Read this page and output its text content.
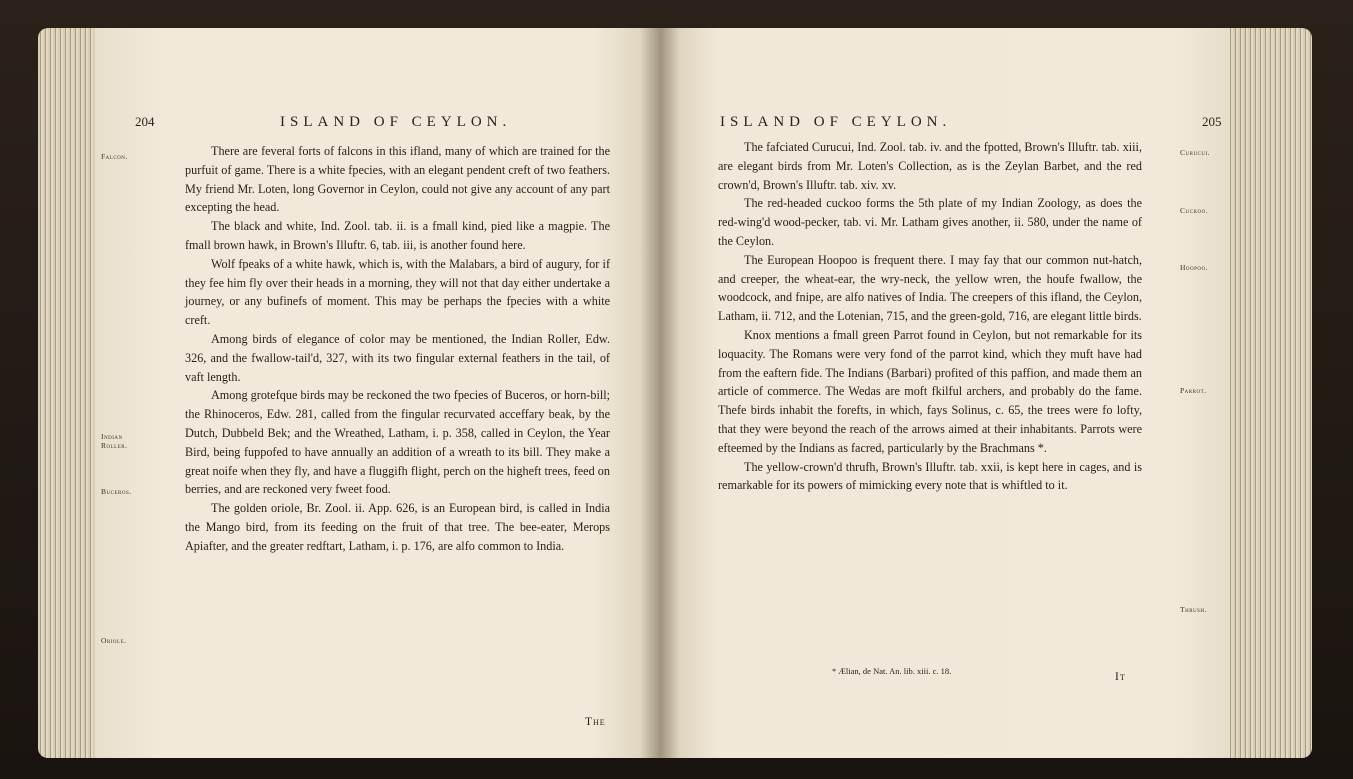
204	ISLAND OF CEYLON.
Falcon.
Indian Roller.
Buceros.
Oriole.

There are feveral forts of falcons in this ifland, many of which are trained for the purfuit of game. There is a white fpecies, with an elegant pendent creft of two feathers. My friend Mr. Loten, long Governor in Ceylon, could not give any account of any part excepting the head.

The black and white, Ind. Zool. tab. ii. is a fmall kind, pied like a magpie. The fmall brown hawk, in Brown's Illuftr. 6, tab. iii, is another found here.

Wolf fpeaks of a white hawk, which is, with the Malabars, a bird of augury, for if they fee him fly over their heads in a morning, they will not that day either undertake a journey, or any bufinefs of moment. This may be perhaps the fpecies with a white creft.

Among birds of elegance of color may be mentioned, the Indian Roller, Edw. 326, and the fwallow-tail'd, 327, with its two fingular external feathers in the tail, of vaft length.

Among grotefque birds may be reckoned the two fpecies of Buceros, or horn-bill; the Rhinoceros, Edw. 281, called from the fingular recurvated acceffary beak, by the Dutch, Dubbeld Bek; and the Wreathed, Latham, i. p. 358, called in Ceylon, the Year Bird, being fuppofed to have annually an addition of a wreath to its bill. They make a great noife when they fly, and have a fluggifh flight, perch on the higheft trees, feed on berries, and are reckoned very fweet food.

The golden oriole, Br. Zool. ii. App. 626, is an European bird, is called in India the Mango bird, from its feeding on the fruit of that tree. The bee-eater, Merops Apiafter, and the greater redftart, Latham, i. p. 176, are alfo common to India.

The
ISLAND OF CEYLON.	205
Curucui.
Cuckoo.
Hoopoo.
Parrot.
Thrush.

The fafciated Curucui, Ind. Zool. tab. iv. and the fpotted, Brown's Illuftr. tab. xiii, are elegant birds from Mr. Loten's Collection, as is the Zeylan Barbet, and the red crown'd, Brown's Illuftr. tab. xiv. xv.

The red-headed cuckoo forms the 5th plate of my Indian Zoology, as does the red-wing'd wood-pecker, tab. vi. Mr. Latham gives another, ii. 580, under the name of the Ceylon.

The European Hoopoo is frequent there. I may fay that our common nut-hatch, and creeper, the wheat-ear, the wry-neck, the yellow wren, the houfe fwallow, the woodcock, and fnipe, are alfo natives of India. The creepers of this ifland, the Ceylon, Latham, ii. 712, and the Lotenian, 715, and the green-gold, 716, are elegant little birds.

Knox mentions a fmall green Parrot found in Ceylon, but not remarkable for its loquacity. The Romans were very fond of the parrot kind, which they muft have had from the eaftern fide. The Indians (Barbari) profited of this paffion, and made them an article of commerce. The Wedas are moft fkilful archers, and probably do the fame. Thefe birds inhabit the forefts, in which, fays Solinus, c. 65, the trees were fo lofty, that they were beyond the reach of the arrows aimed at their inhabitants. Parrots were efteemed by the Indians as facred, particularly by the Brachmans *.

The yellow-crown'd thrufh, Brown's Illuftr. tab. xxii, is kept here in cages, and is remarkable for its powers of mimicking every note that is whiftled to it.

* Ælian, de Nat. An. lib. xiii. c. 18.	It
